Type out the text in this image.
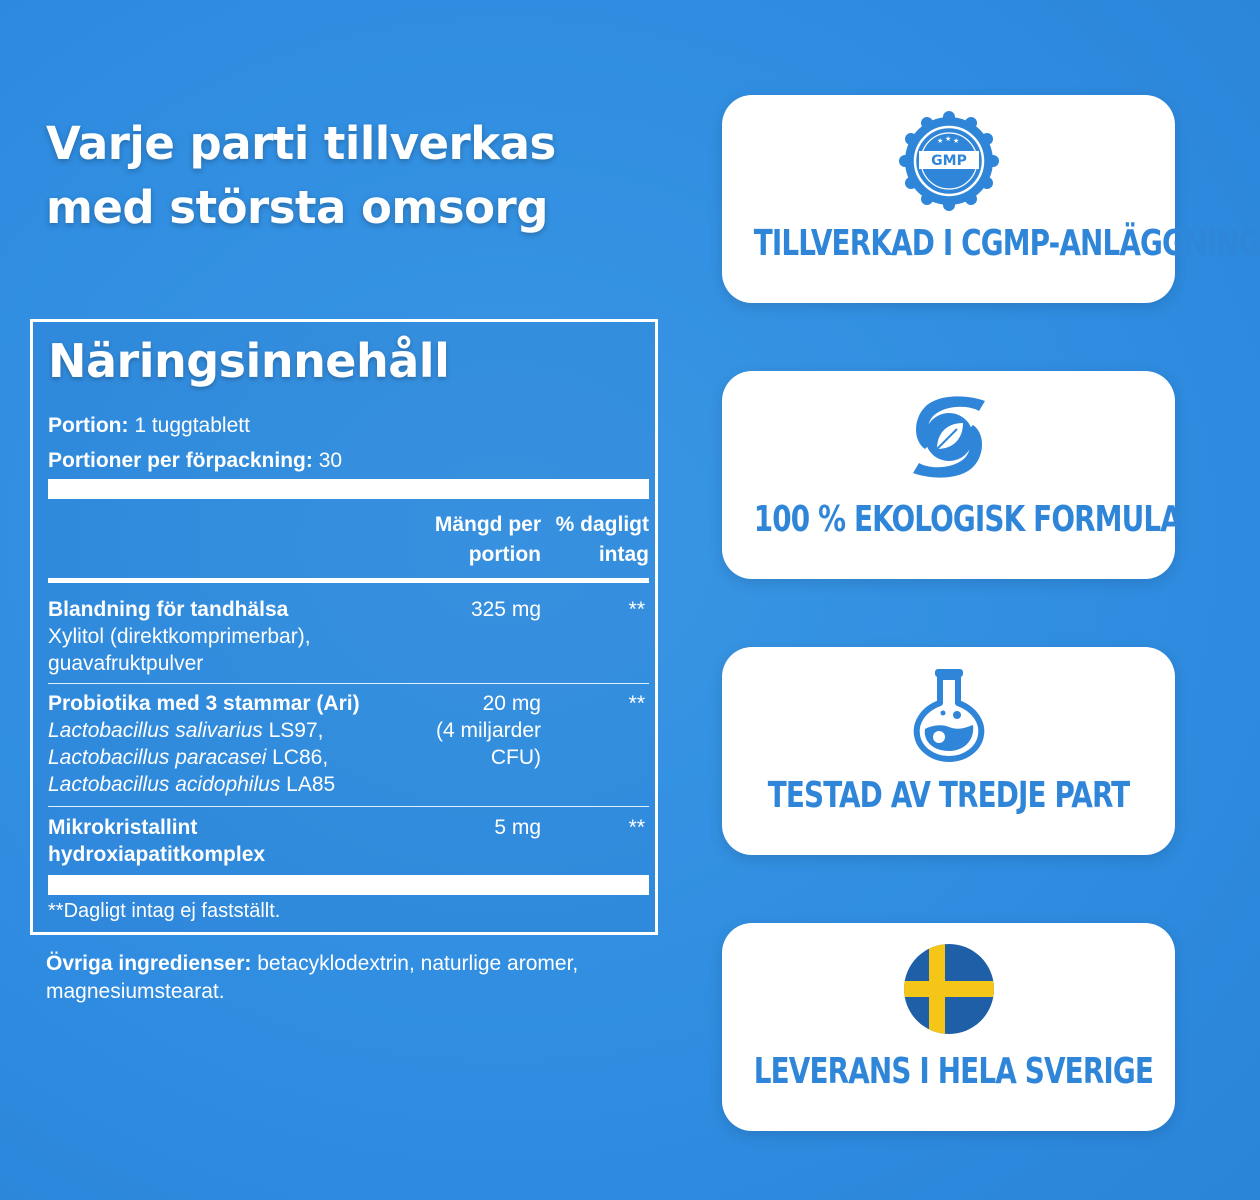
Varje parti tillverkas
med största omsorg
Näringsinnehåll
Portion: 1 tuggtablett
Portioner per förpackning: 30
Mängd per
portion
% dagligt
intag
Blandning för tandhälsa
Xylitol (direktkomprimerbar),
guavafruktpulver
325 mg	**
Probiotika med 3 stammar (Ari)
Lactobacillus salivarius LS97,
Lactobacillus paracasei LC86,
Lactobacillus acidophilus LA85
20 mg
(4 miljarder
CFU)
**
Mikrokristallint
hydroxiapatitkomplex
5 mg	**
**Dagligt intag ej fastställt.
Övriga ingredienser: betacyklodextrin, naturlige aromer, magnesiumstearat.
GMP
★ ★ ★
TILLVERKAD I CGMP-ANLÄGGNING
100 % EKOLOGISK FORMULA
TESTAD AV TREDJE PART
LEVERANS I HELA SVERIGE
